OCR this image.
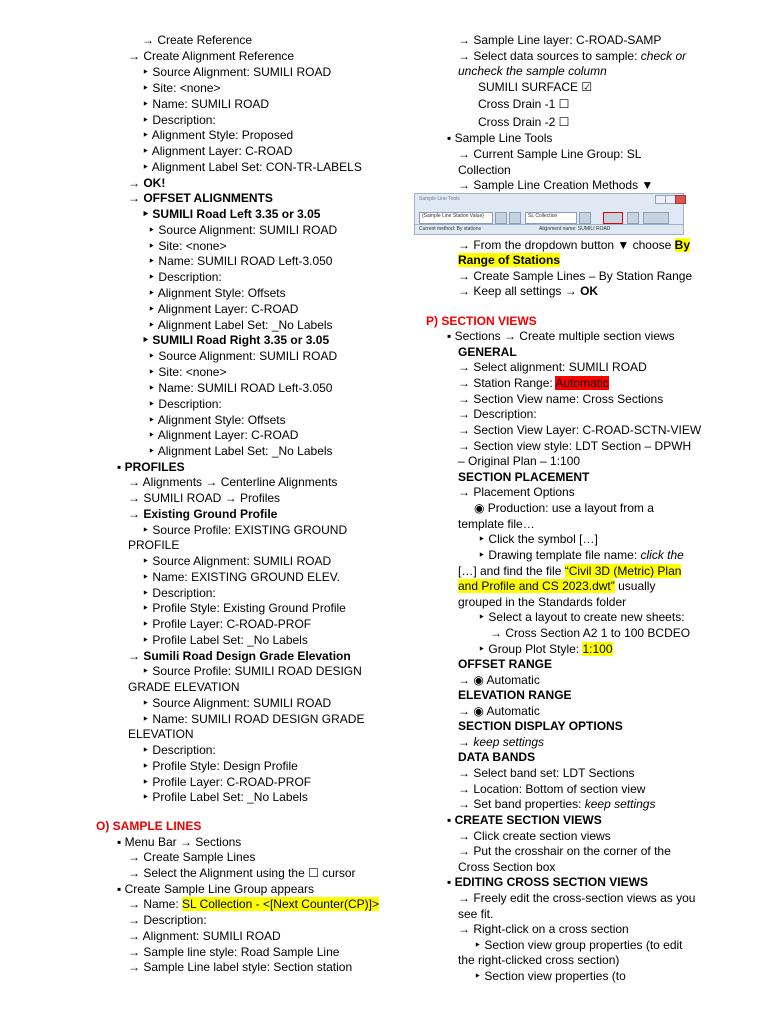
→ Create Reference
→ Create Alignment Reference
‣ Source Alignment: SUMILI ROAD
‣ Site: <none>
‣ Name: SUMILI ROAD
‣ Description:
‣ Alignment Style: Proposed
‣ Alignment Layer: C-ROAD
‣ Alignment Label Set: CON-TR-LABELS
→ OK!
→ OFFSET ALIGNMENTS
‣ SUMILI Road Left 3.35 or 3.05
‣ Source Alignment: SUMILI ROAD
‣ Site: <none>
‣ Name: SUMILI ROAD Left-3.050
‣ Description:
‣ Alignment Style: Offsets
‣ Alignment Layer: C-ROAD
‣ Alignment Label Set: _No Labels
‣ SUMILI Road Right 3.35 or 3.05
‣ Source Alignment: SUMILI ROAD
‣ Site: <none>
‣ Name: SUMILI ROAD Left-3.050
‣ Description:
‣ Alignment Style: Offsets
‣ Alignment Layer: C-ROAD
‣ Alignment Label Set: _No Labels
▪ PROFILES
→ Alignments → Centerline Alignments
→ SUMILI ROAD → Profiles
→ Existing Ground Profile
‣ Source Profile: EXISTING GROUND
PROFILE
‣ Source Alignment: SUMILI ROAD
‣ Name: EXISTING GROUND ELEV.
‣ Description:
‣ Profile Style: Existing Ground Profile
‣ Profile Layer: C-ROAD-PROF
‣ Profile Label Set: _No Labels
→ Sumili Road Design Grade Elevation
‣ Source Profile: SUMILI ROAD DESIGN
GRADE ELEVATION
‣ Source Alignment: SUMILI ROAD
‣ Name: SUMILI ROAD DESIGN GRADE
ELEVATION
‣ Description:
‣ Profile Style: Design Profile
‣ Profile Layer: C-ROAD-PROF
‣ Profile Label Set: _No Labels
O) SAMPLE LINES
▪ Menu Bar → Sections
→ Create Sample Lines
→ Select the Alignment using the ☐ cursor
▪ Create Sample Line Group appears
→ Name: SL Collection - <[Next Counter(CP)]>
→ Description:
→ Alignment: SUMILI ROAD
→ Sample line style: Road Sample Line
→ Sample Line label style: Section station
→ Sample Line layer: C-ROAD-SAMP
→ Select data sources to sample: check or
uncheck the sample column
SUMILI SURFACE ☑
Cross Drain -1 ☐
Cross Drain -2 ☐
▪ Sample Line Tools
→ Current Sample Line Group: SL
Collection
→ Sample Line Creation Methods ▼
→ From the dropdown button ▼ choose By
Range of Stations
→ Create Sample Lines – By Station Range
→ Keep all settings → OK
P) SECTION VIEWS
▪ Sections → Create multiple section views
GENERAL
→ Select alignment: SUMILI ROAD
→ Station Range: Automatic
→ Section View name: Cross Sections
→ Description:
→ Section View Layer: C-ROAD-SCTN-VIEW
→ Section view style: LDT Section – DPWH
– Original Plan – 1:100
SECTION PLACEMENT
→ Placement Options
◉ Production: use a layout from a
template file…
‣ Click the symbol […]
‣ Drawing template file name: click the
[…] and find the file “Civil 3D (Metric) Plan
and Profile and CS 2023.dwt” usually
grouped in the Standards folder
‣ Select a layout to create new sheets:
→ Cross Section A2 1 to 100 BCDEO
‣ Group Plot Style: 1:100
OFFSET RANGE
→ ◉ Automatic
ELEVATION RANGE
→ ◉ Automatic
SECTION DISPLAY OPTIONS
→ keep settings
DATA BANDS
→ Select band set: LDT Sections
→ Location: Bottom of section view
→ Set band properties: keep settings
▪ CREATE SECTION VIEWS
→ Click create section views
→ Put the crosshair on the corner of the
Cross Section box
▪ EDITING CROSS SECTION VIEWS
→ Freely edit the cross-section views as you
see fit.
→ Right-click on a cross section
‣ Section view group properties (to edit
the right-clicked cross section)
‣ Section view properties (to
Sample Line Tools
{Sample Line Station Value}	SL Collection
Current method: By stations	Alignment name: SUMILI ROAD
